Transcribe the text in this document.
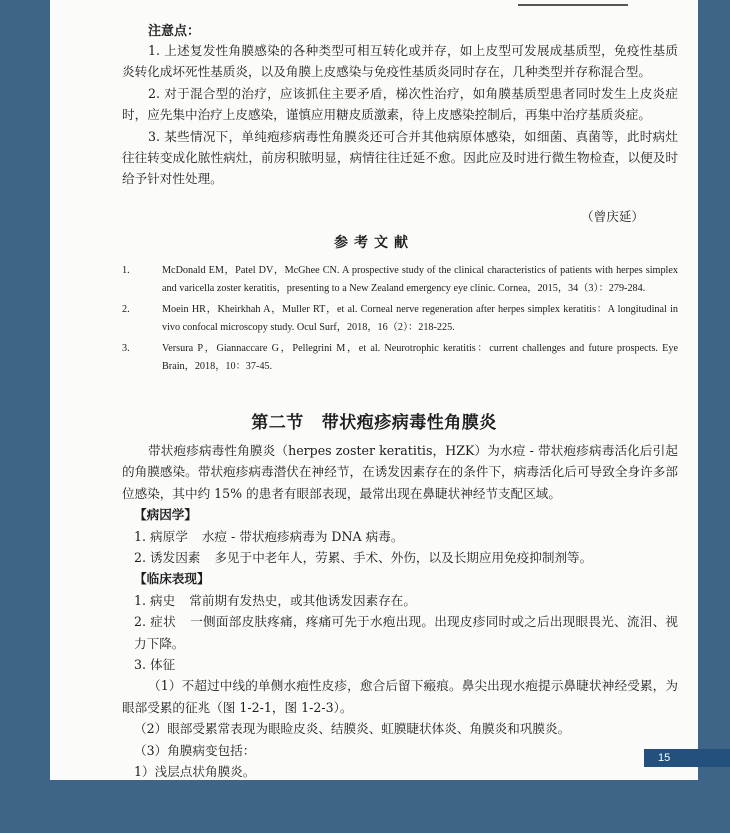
注意点：

1. 上述复发性角膜感染的各种类型可相互转化或并存，如上皮型可发展成基质型，免疫性基质炎转化成坏死性基质炎，以及角膜上皮感染与免疫性基质炎同时存在，几种类型并存称混合型。

2. 对于混合型的治疗，应该抓住主要矛盾，梯次性治疗，如角膜基质型患者同时发生上皮炎症时，应先集中治疗上皮感染，谨慎应用糖皮质激素，待上皮感染控制后，再集中治疗基质炎症。

3. 某些情况下，单纯疱疹病毒性角膜炎还可合并其他病原体感染，如细菌、真菌等，此时病灶往往转变成化脓性病灶，前房积脓明显，病情往往迁延不愈。因此应及时进行微生物检查，以便及时给予针对性处理。

（曾庆延）
参考文献
1.	McDonald EM，Patel DV，McGhee CN. A prospective study of the clinical characteristics of patients with herpes simplex and varicella zoster keratitis，presenting to a New Zealand emergency eye clinic. Cornea，2015，34（3）：279-284.
2.	Moein HR，Kheirkhah A，Muller RT，et al. Corneal nerve regeneration after herpes simplex keratitis：A longitudinal in vivo confocal microscopy study. Ocul Surf，2018，16（2）：218-225.
3.	Versura P，Giannaccare G，Pellegrini M，et al. Neurotrophic keratitis：current challenges and future prospects. Eye Brain，2018，10：37-45.
第二节 带状疱疹病毒性角膜炎

带状疱疹病毒性角膜炎（herpes zoster keratitis，HZK）为水痘 - 带状疱疹病毒活化后引起的角膜感染。带状疱疹病毒潜伏在神经节，在诱发因素存在的条件下，病毒活化后可导致全身许多部位感染，其中约 15% 的患者有眼部表现，最常出现在鼻睫状神经节支配区域。

【病因学】

1. 病原学 水痘 - 带状疱疹病毒为 DNA 病毒。

2. 诱发因素 多见于中老年人，劳累、手术、外伤，以及长期应用免疫抑制剂等。

【临床表现】

1. 病史 常前期有发热史，或其他诱发因素存在。

2. 症状 一侧面部皮肤疼痛，疼痛可先于水疱出现。出现皮疹同时或之后出现眼畏光、流泪、视力下降。

3. 体征

（1）不超过中线的单侧水疱性皮疹，愈合后留下瘢痕。鼻尖出现水疱提示鼻睫状神经受累，为眼部受累的征兆（图 1-2-1，图 1-2-3）。

（2）眼部受累常表现为眼睑皮炎、结膜炎、虹膜睫状体炎、角膜炎和巩膜炎。

（3）角膜病变包括：

1）浅层点状角膜炎。

15
